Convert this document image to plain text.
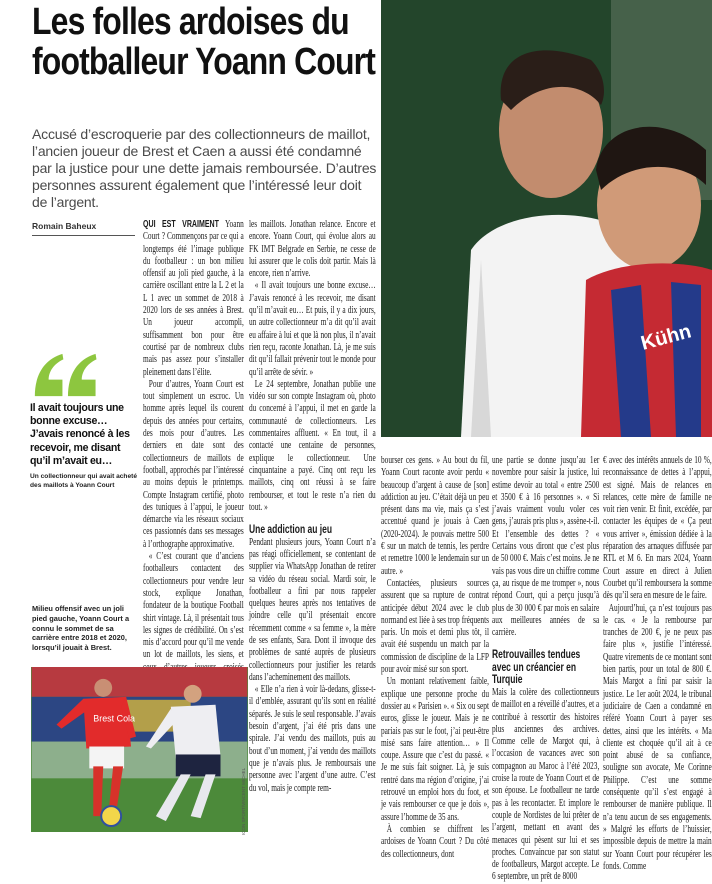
Les folles ardoises du footballeur Yoann Court

Accusé d’escroquerie par des collectionneurs de maillot, l’ancien joueur de Brest et Caen a aussi été condamné par la justice pour une dette jamais remboursée. D’autres personnes assurent également que l’intéressé leur doit de l’argent.

Romain Baheux
Il avait toujours une bonne excuse… J’avais renoncé à les recevoir, me disant qu’il m’avait eu…
Un collectionneur qui avait acheté des maillots à Yoann Court
Milieu offensif avec un joli pied gauche, Yoann Court a connu le sommet de sa carrière entre 2018 et 2020, lorsqu’il jouait à Brest.
Brest Cola
ICON SPORT/VINCENT MICHEL
Kühn

QUI EST VRAIMENT Yoann Court ? Commençons par ce qui a longtemps été l’image publique du footballeur : un bon milieu offensif au joli pied gauche, à la carrière oscillant entre la L 2 et la L 1 avec un sommet de 2018 à 2020 lors de ses années à Brest. Un joueur accompli, suffisamment bon pour être courtisé par de nombreux clubs mais pas assez pour s’installer pleinement dans l’élite.

Pour d’autres, Yoann Court est tout simplement un escroc. Un homme après lequel ils courent depuis des années pour certains, des mois pour d’autres. Les derniers en date sont des collectionneurs de maillots de football, approchés par l’intéressé au moins depuis le printemps. Compte Instagram certifié, photo des tuniques à l’appui, le joueur démarche via les réseaux sociaux ces passionnés dans ses messages à l’orthographe approximative.

« C’est courant que d’anciens footballeurs contactent des collectionneurs pour vendre leur stock, explique Jonathan, fondateur de la boutique Football shirt vintage. Là, il présentait tous les signes de crédibilité. On s’est mis d’accord pour qu’il me vende un lot de maillots, les siens, et

les maillots. Jonathan relance. Encore et encore. Yoann Court, qui évolue alors au FK IMT Belgrade en Serbie, ne cesse de lui assurer que le colis doit partir. Mais là encore, rien n’arrive.

« Il avait toujours une bonne excuse… J’avais renoncé à les recevoir, me disant qu’il m’avait eu… Et puis, il y a dix jours, un autre collectionneur m’a dit qu’il avait eu affaire à lui et que là non plus, il n’avait rien reçu, raconte Jonathan. Là, je me suis dit qu’il fallait prévenir tout le monde pour qu’il arrête de sévir. »

Le 24 septembre, Jonathan publie une vidéo sur son compte Instagram où, photo du concerné à l’appui, il met en garde la communauté de collectionneurs. Les commentaires affluent. « En tout, il a contacté une centaine de personnes, explique le collectionneur. Une cinquantaine a payé. Cinq ont reçu les maillots, cinq ont réussi à se faire rembourser, et tout le reste n’a rien du tout. »

Une addiction au jeu

Pendant plusieurs jours, Yoann Court n’a pas réagi officiellement, se contentant de supplier via WhatsApp Jonathan de retirer sa vidéo du réseau social. Mardi soir, le footballeur a fini par nous rappeler quelques heures après nos tentatives de joindre celle qu’il présentait encore récemment comme « sa femme », la mère de ses enfants, Sara. Dont il invoque des problèmes de santé auprès de plusieurs collectionneurs pour justifier les retards dans l’acheminement des maillots.

« Elle n’a rien à voir là-dedans, glisse-t-il d’emblée, assurant qu’ils sont en réalité séparés. Je suis le seul responsable. J’avais besoin d’argent, j’ai été pris dans une spirale. J’ai vendu des maillots, puis au bout d’un moment, j’ai vendu des maillots que je n’avais plus. Je remboursais une personne avec l’argent d’une autre. C’est du vol, mais je compte rem-

bourser ces gens. » Au bout du fil, Yoann Court raconte avoir perdu « beaucoup d’argent à cause de [son] addiction au jeu. C’était déjà un peu présent dans ma vie, mais ça s’est accentué quand je jouais à Caen (2020-2024). Je pouvais mettre 500 € sur un match de tennis, les perdre et remettre 1000 le lendemain sur un autre. »

Contactées, plusieurs sources assurent que sa rupture de contrat anticipée début 2024 avec le club normand est liée à ses trop fréquents paris. Un mois et demi plus tôt, il avait été suspendu un match par la commission de discipline de la LFP pour avoir misé sur son sport.

Un montant relativement faible, explique une personne proche du dossier au « Parisien ». « Six ou sept euros, glisse le joueur. Mais je ne pariais pas sur le foot, j’ai peut-être misé sans faire attention… » Il coupe. Assure que c’est du passé. « Je me suis fait soigner. Là, je suis rentré dans ma région d’origine, j’ai retrouvé un emploi hors du foot, et je vais rembourser ce que je dois », assure l’homme de 35 ans.

À combien se chiffrent les ardoises de Yoann Court ? Du côté des collectionneurs, dont

une partie se donne jusqu’au 1er novembre pour saisir la justice, lui estime devoir au total « entre 2500 et 3500 € à 16 personnes ». « Si j’avais vraiment voulu voler ces gens, j’aurais pris plus », assène-t-il. Et l’ensemble des dettes ? « Certains vous diront que c’est plus de 50 000 €. Mais c’est moins. Je ne vais pas vous dire un chiffre comme ça, au risque de me tromper », nous répond Court, qui a perçu jusqu’à plus de 30 000 € par mois en salaire aux meilleures années de sa carrière.

Retrouvailles tendues avec un créancier en Turquie

Mais la colère des collectionneurs de maillot en a réveillé d’autres, et a contribué à ressortir des histoires plus anciennes des archives. Comme celle de Margot qui, à l’occasion de vacances avec son compagnon au Maroc à l’été 2023, croise la route de Yoann Court et de son épouse. Le footballeur ne tarde pas à les recontacter. Et implore le couple de Nordistes de lui prêter de l’argent, mettant en avant des menaces qui pèsent sur lui et ses proches. Convaincue par son statut de footballeurs, Margot accepte. Le 6 septembre, un prêt de 8000

€ avec des intérêts annuels de 10 %, reconnaissance de dettes à l’appui, est signé. Mais de relances en relances, cette mère de famille ne voit rien venir. Et finit, excédée, par contacter les équipes de « Ça peut vous arriver », émission dédiée à la réparation des arnaques diffusée par RTL et M 6. En mars 2024, Yoann Court assure en direct à Julien Courbet qu’il remboursera la somme dès qu’il sera en mesure de le faire.

Aujourd’hui, ça n’est toujours pas le cas. « Je la rembourse par tranches de 200 €, je ne peux pas faire plus », justifie l’intéressé. Quatre virements de ce montant sont bien partis, pour un total de 800 €. Mais Margot a fini par saisir la justice. Le 1er août 2024, le tribunal judiciaire de Caen a condamné en référé Yoann Court à payer ses dettes, ainsi que les intérêts. « Ma cliente est choquée qu’il ait à ce point abusé de sa confiance, souligne son avocate, Me Corinne Philippe. C’est une somme conséquente qu’il s’est engagé à rembourser de manière publique. Il n’a tenu aucun de ses engagements. » Malgré les efforts de l’huissier, impossible depuis de mettre la main sur Yoann Court pour récupérer les fonds. Comme
